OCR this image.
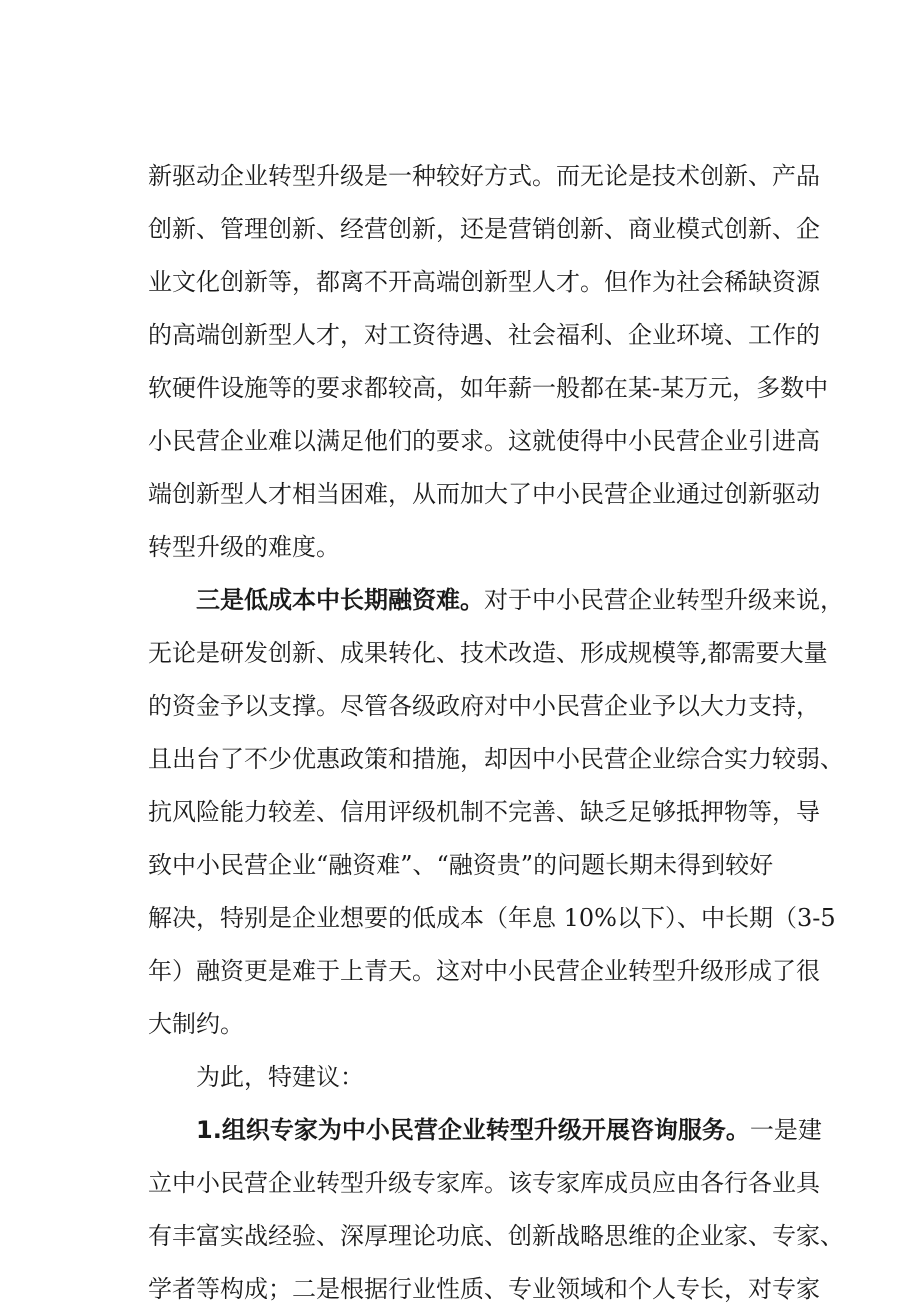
新驱动企业转型升级是一种较好方式。而无论是技术创新、产品
创新、管理创新、经营创新，还是营销创新、商业模式创新、企
业文化创新等，都离不开高端创新型人才。但作为社会稀缺资源
的高端创新型人才，对工资待遇、社会福利、企业环境、工作的
软硬件设施等的要求都较高，如年薪一般都在某-某万元，多数中
小民营企业难以满足他们的要求。这就使得中小民营企业引进高
端创新型人才相当困难，从而加大了中小民营企业通过创新驱动
转型升级的难度。
三是低成本中长期融资难。对于中小民营企业转型升级来说，
无论是研发创新、成果转化、技术改造、形成规模等,都需要大量
的资金予以支撑。尽管各级政府对中小民营企业予以大力支持，
且出台了不少优惠政策和措施，却因中小民营企业综合实力较弱、
抗风险能力较差、信用评级机制不完善、缺乏足够抵押物等，导
致中小民营企业“融资难”、“融资贵”的问题长期未得到较好
解决，特别是企业想要的低成本（年息 10%以下）、中长期（3-5
年）融资更是难于上青天。这对中小民营企业转型升级形成了很
大制约。
为此，特建议：
1.组织专家为中小民营企业转型升级开展咨询服务。一是建
立中小民营企业转型升级专家库。该专家库成员应由各行各业具
有丰富实战经验、深厚理论功底、创新战略思维的企业家、专家、
学者等构成；二是根据行业性质、专业领域和个人专长，对专家
